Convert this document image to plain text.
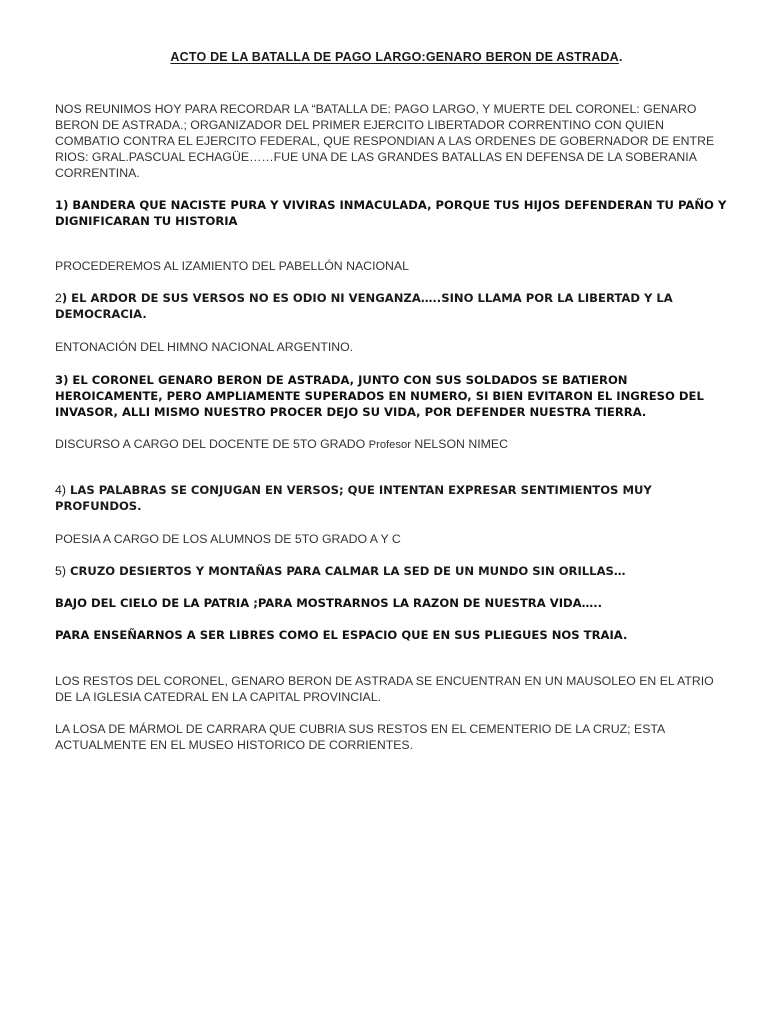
ACTO DE LA BATALLA DE PAGO LARGO:GENARO BERON DE ASTRADA.

NOS REUNIMOS HOY PARA RECORDAR LA “BATALLA DE: PAGO LARGO, Y MUERTE DEL CORONEL: GENARO BERON DE ASTRADA.; ORGANIZADOR DEL PRIMER EJERCITO LIBERTADOR CORRENTINO CON QUIEN COMBATIO CONTRA EL EJERCITO FEDERAL, QUE RESPONDIAN A LAS ORDENES DE GOBERNADOR DE ENTRE RIOS: GRAL.PASCUAL ECHAGÜE……FUE UNA DE LAS GRANDES BATALLAS EN DEFENSA DE LA SOBERANIA CORRENTINA.

1) BANDERA QUE NACISTE PURA Y VIVIRAS INMACULADA, PORQUE TUS HIJOS DEFENDERAN TU PAÑO Y DIGNIFICARAN TU HISTORIA

PROCEDEREMOS AL IZAMIENTO DEL PABELLÓN NACIONAL

2) EL ARDOR DE SUS VERSOS NO ES ODIO NI VENGANZA…..SINO LLAMA POR LA LIBERTAD Y LA DEMOCRACIA.

ENTONACIÓN DEL HIMNO NACIONAL ARGENTINO.

3) EL CORONEL GENARO BERON DE ASTRADA, JUNTO CON SUS SOLDADOS SE BATIERON HEROICAMENTE, PERO AMPLIAMENTE SUPERADOS EN NUMERO, SI BIEN EVITARON EL INGRESO DEL INVASOR, ALLI MISMO NUESTRO PROCER DEJO SU VIDA, POR DEFENDER NUESTRA TIERRA.

DISCURSO A CARGO DEL DOCENTE DE 5TO GRADO Profesor NELSON NIMEC

4) LAS PALABRAS SE CONJUGAN EN VERSOS; QUE INTENTAN EXPRESAR SENTIMIENTOS MUY PROFUNDOS.

POESIA A CARGO DE LOS ALUMNOS DE 5TO GRADO A Y C

5) CRUZO DESIERTOS Y MONTAÑAS PARA CALMAR LA SED DE UN MUNDO SIN ORILLAS…

BAJO DEL CIELO DE LA PATRIA ;PARA MOSTRARNOS LA RAZON DE NUESTRA VIDA…..

PARA ENSEÑARNOS A SER LIBRES COMO EL ESPACIO QUE EN SUS PLIEGUES NOS TRAIA.

LOS RESTOS DEL CORONEL, GENARO BERON DE ASTRADA SE ENCUENTRAN EN UN MAUSOLEO EN EL ATRIO DE LA IGLESIA CATEDRAL EN LA CAPITAL PROVINCIAL.

LA LOSA DE MÁRMOL DE CARRARA QUE CUBRIA SUS RESTOS EN EL CEMENTERIO DE LA CRUZ; ESTA ACTUALMENTE EN EL MUSEO HISTORICO DE CORRIENTES.
